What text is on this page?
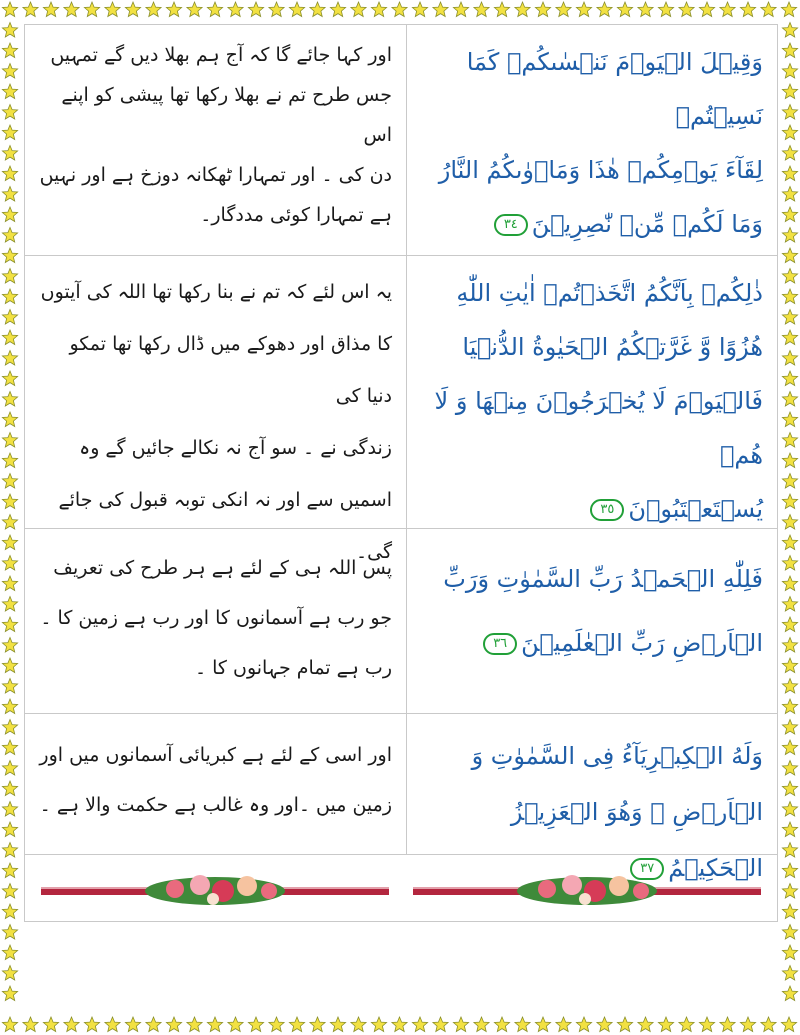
وَقِيۡلَ الۡيَوۡمَ نَنۡسٰٮكُمۡ كَمَا نَسِيۡتُمۡ

لِقَآءَ يَوۡمِكُمۡ هٰذَا وَمَاۡوٰٮكُمُ النَّارُ

وَمَا لَكُمۡ مِّنۡ نّٰصِرِيۡنَ٣٤

اور کہا جائے گا کہ آج ہم بھلا دیں گے تمہیں

جس طرح تم نے بھلا رکھا تھا پیشی کو اپنے اس

دن کی ۔ اور تمہارا ٹھکانہ دوزخ ہے اور نہیں

ہے تمہارا کوئی مددگار۔

ذٰلِكُمۡ بِاَنَّكُمُ اتَّخَذۡتُمۡ اٰيٰتِ اللّٰهِ

هُزُوًا وَّ غَرَّتۡكُمُ الۡحَيٰوةُ الدُّنۡيَا

فَالۡيَوۡمَ لَا يُخۡرَجُوۡنَ مِنۡهَا وَ لَا هُمۡ

يُسۡتَعۡتَبُوۡنَ٣٥

یہ اس لئے کہ تم نے بنا رکھا تھا اللہ کی آیتوں

کا مذاق اور دھوکے میں ڈال رکھا تھا تمکو دنیا کی

زندگی نے ۔ سو آج نہ نکالے جائیں گے وہ

اسمیں سے اور نہ انکی توبہ قبول کی جائے گی۔

فَلِلّٰهِ الۡحَمۡدُ رَبِّ السَّمٰوٰتِ وَرَبِّ

الۡاَرۡضِ رَبِّ الۡعٰلَمِيۡنَ٣٦

پس اللہ ہی کے لئے ہے ہر طرح کی تعریف

جو رب ہے آسمانوں کا اور رب ہے زمین کا ۔

رب ہے تمام جہانوں کا ۔

وَلَهُ الۡكِبۡرِيَآءُ فِى السَّمٰوٰتِ وَ

الۡاَرۡضِ ۖ وَهُوَ الۡعَزِيۡزُ الۡحَكِيۡمُ٣٧

اور اسی کے لئے ہے کبریائی آسمانوں میں اور

زمین میں ۔اور وہ غالب ہے حکمت والا ہے ۔
